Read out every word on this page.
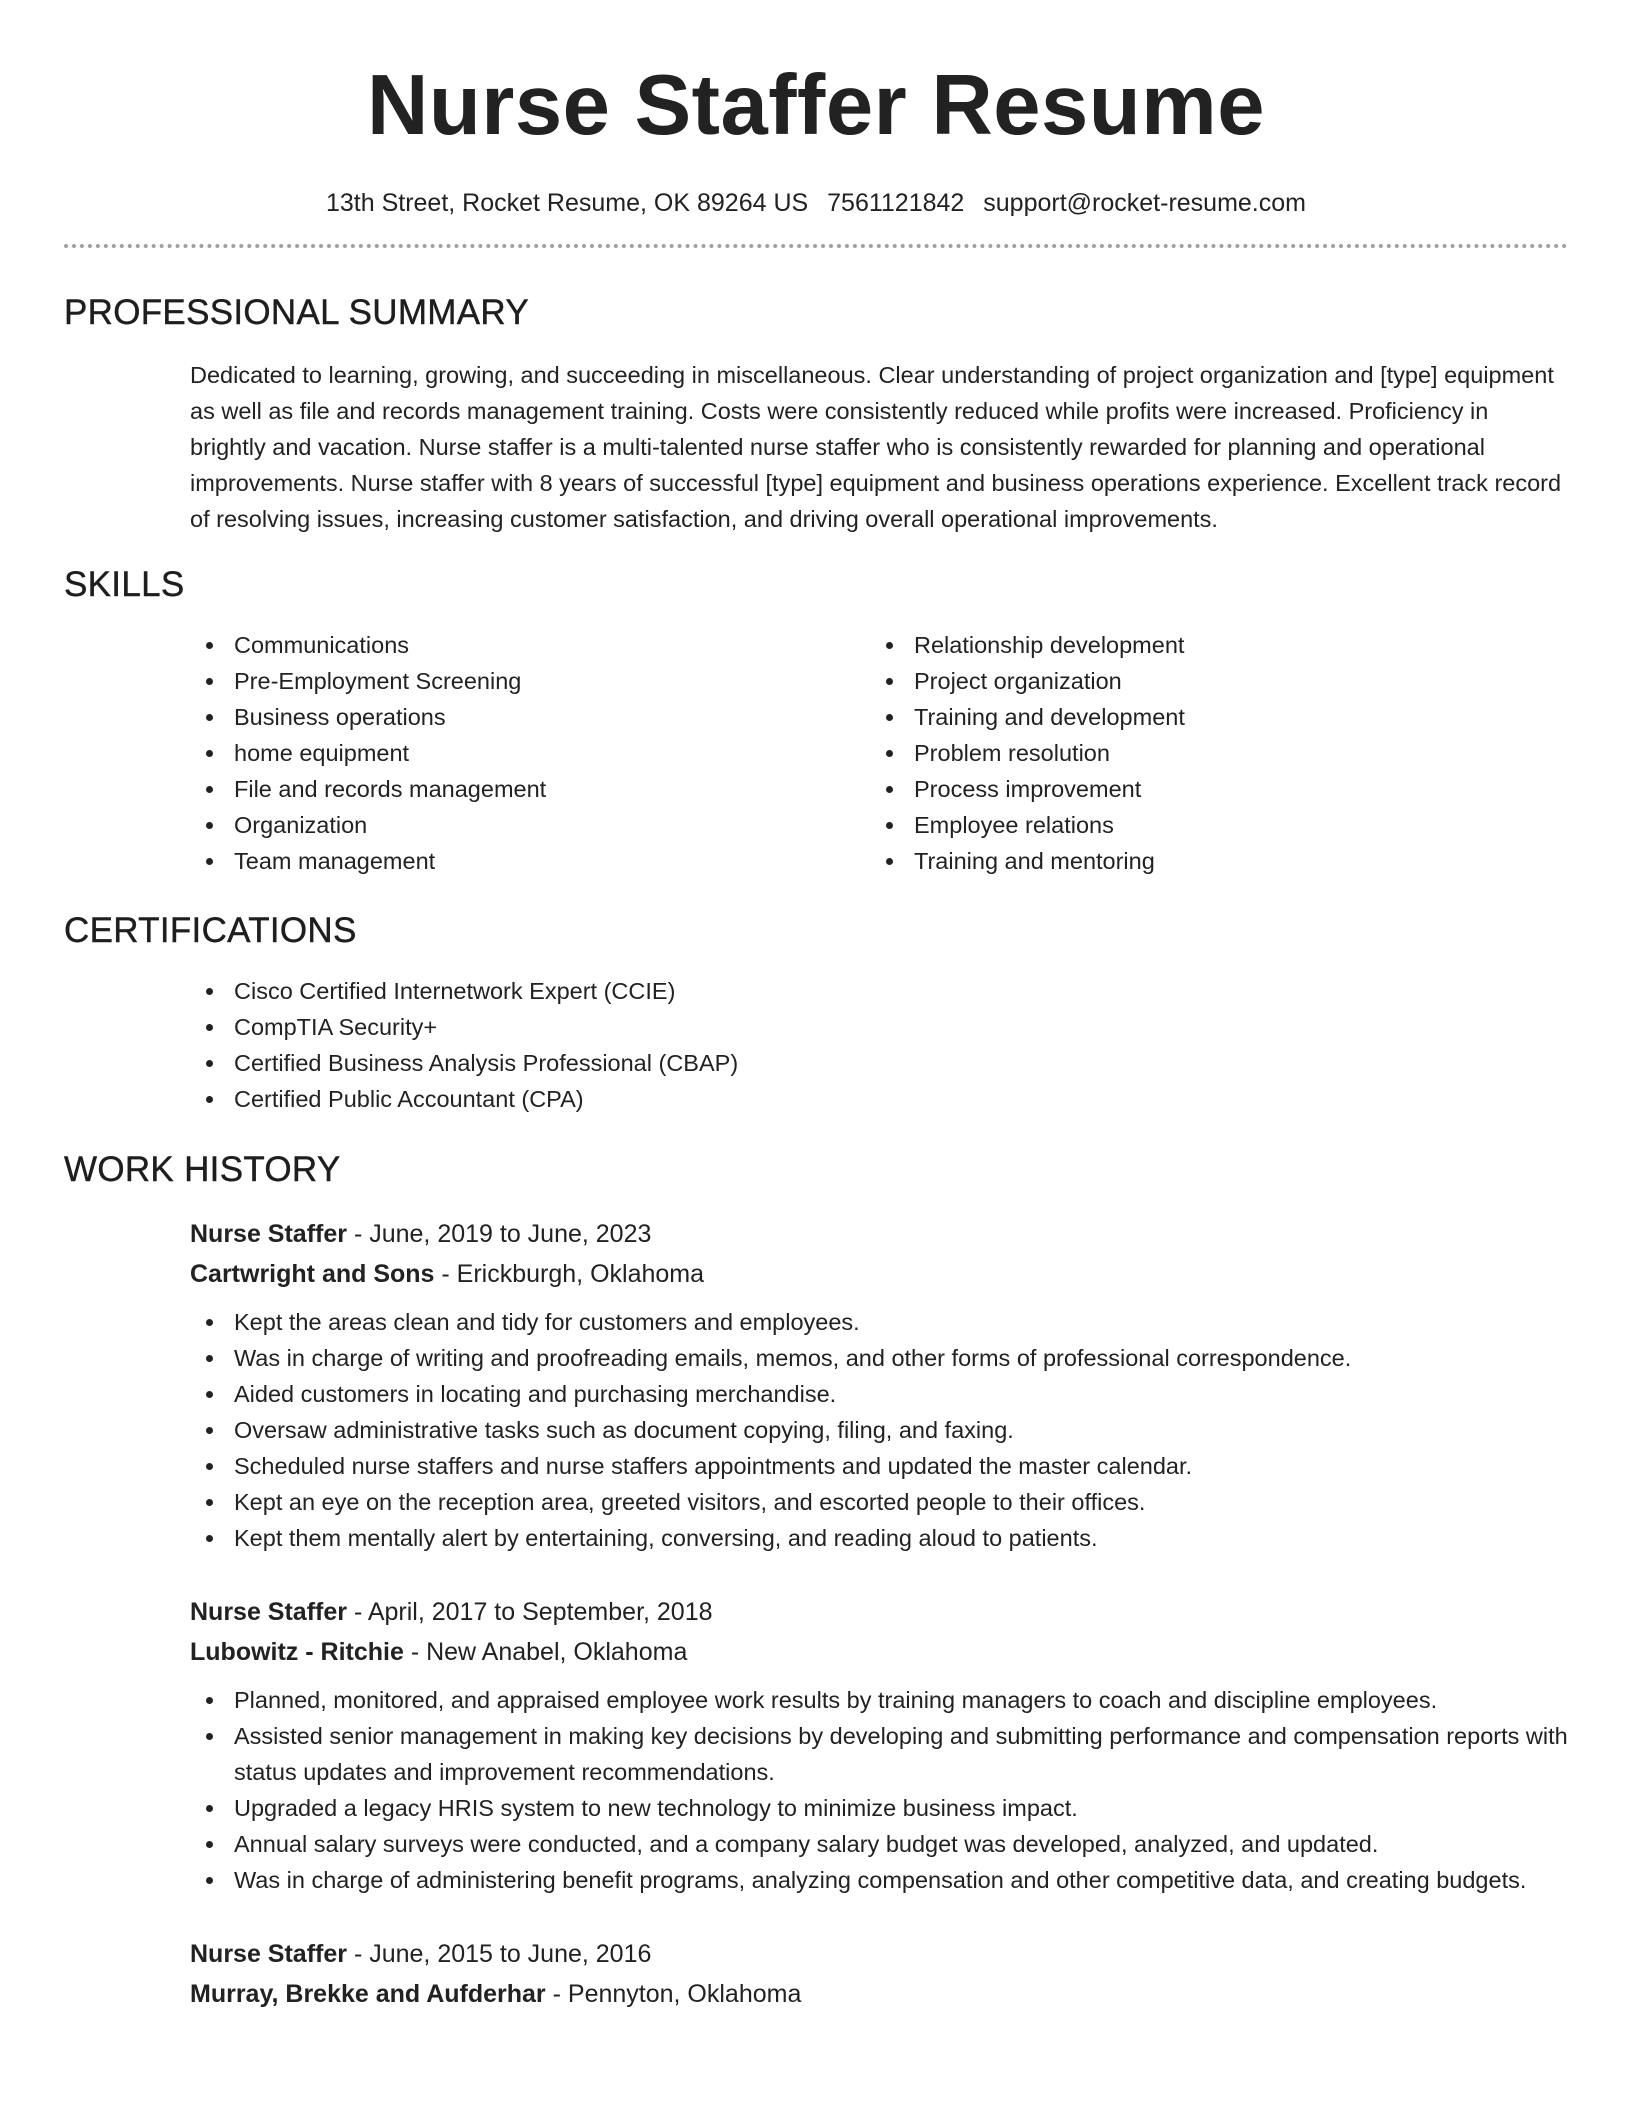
Nurse Staffer Resume
13th Street, Rocket Resume, OK 89264 US 7561121842 support@rocket-resume.com
PROFESSIONAL SUMMARY
Dedicated to learning, growing, and succeeding in miscellaneous. Clear understanding of project organization and [type] equipment as well as file and records management training. Costs were consistently reduced while profits were increased. Proficiency in brightly and vacation. Nurse staffer is a multi-talented nurse staffer who is consistently rewarded for planning and operational improvements. Nurse staffer with 8 years of successful [type] equipment and business operations experience. Excellent track record of resolving issues, increasing customer satisfaction, and driving overall operational improvements.
SKILLS
Communications
Pre-Employment Screening
Business operations
home equipment
File and records management
Organization
Team management
Relationship development
Project organization
Training and development
Problem resolution
Process improvement
Employee relations
Training and mentoring
CERTIFICATIONS
Cisco Certified Internetwork Expert (CCIE)
CompTIA Security+
Certified Business Analysis Professional (CBAP)
Certified Public Accountant (CPA)
WORK HISTORY
Nurse Staffer - June, 2019 to June, 2023
Cartwright and Sons - Erickburgh, Oklahoma
Kept the areas clean and tidy for customers and employees.
Was in charge of writing and proofreading emails, memos, and other forms of professional correspondence.
Aided customers in locating and purchasing merchandise.
Oversaw administrative tasks such as document copying, filing, and faxing.
Scheduled nurse staffers and nurse staffers appointments and updated the master calendar.
Kept an eye on the reception area, greeted visitors, and escorted people to their offices.
Kept them mentally alert by entertaining, conversing, and reading aloud to patients.
Nurse Staffer - April, 2017 to September, 2018
Lubowitz - Ritchie - New Anabel, Oklahoma
Planned, monitored, and appraised employee work results by training managers to coach and discipline employees.
Assisted senior management in making key decisions by developing and submitting performance and compensation reports with status updates and improvement recommendations.
Upgraded a legacy HRIS system to new technology to minimize business impact.
Annual salary surveys were conducted, and a company salary budget was developed, analyzed, and updated.
Was in charge of administering benefit programs, analyzing compensation and other competitive data, and creating budgets.
Nurse Staffer - June, 2015 to June, 2016
Murray, Brekke and Aufderhar - Pennyton, Oklahoma
